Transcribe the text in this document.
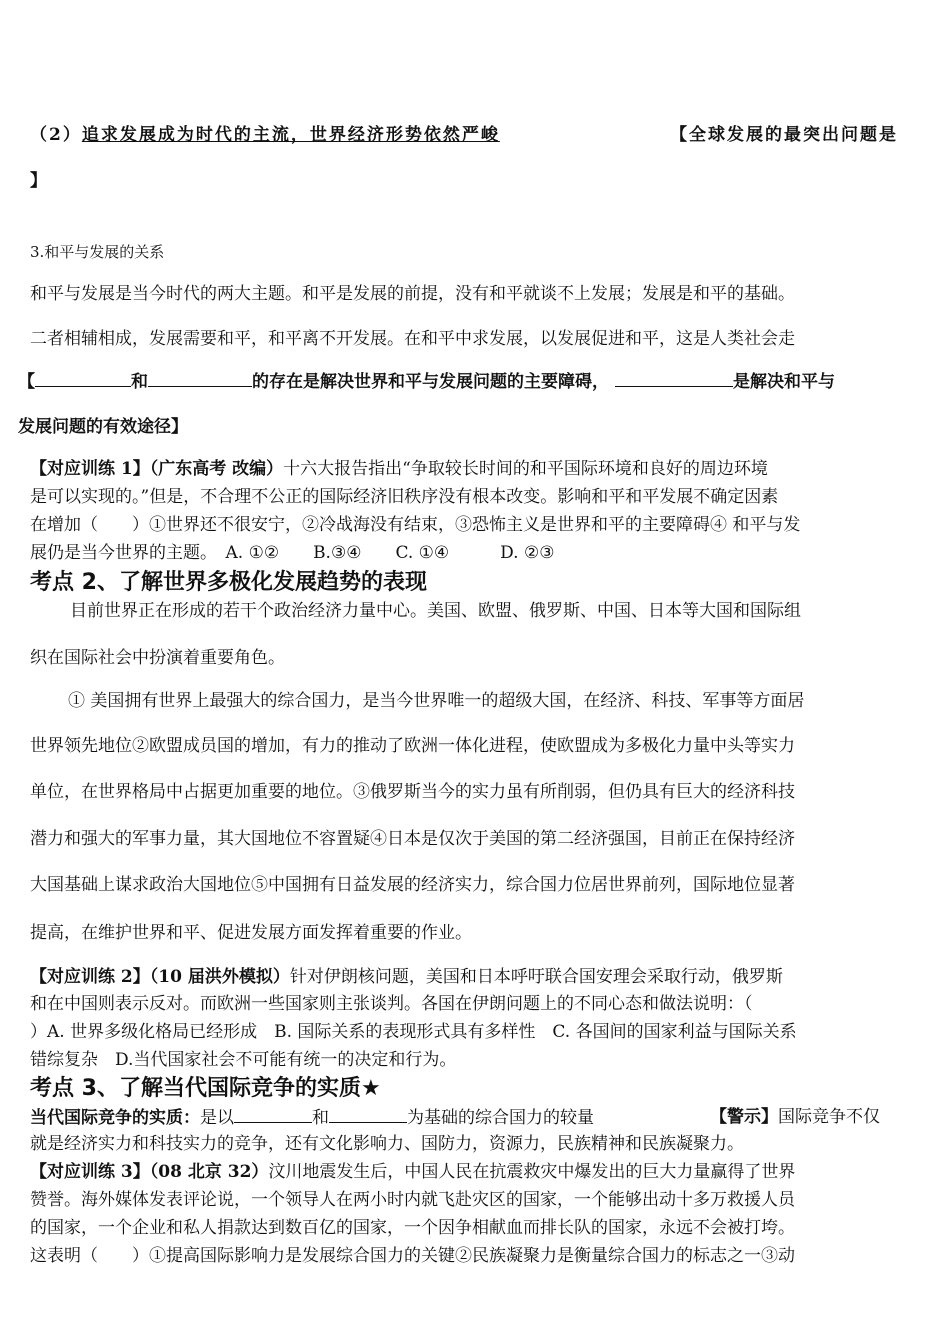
（2）追求发展成为时代的主流，世界经济形势依然严峻	【全球发展的最突出问题是
】
3.和平与发展的关系
和平与发展是当今时代的两大主题。和平是发展的前提，没有和平就谈不上发展；发展是和平的基础。
二者相辅相成，发展需要和平，和平离不开发展。在和平中求发展，以发展促进和平，这是人类社会走
【	和	的存在是解决世界和平与发展问题的主要障碍，	是解决和平与
发展问题的有效途径】
【对应训练 1】（广东高考 改编）十六大报告指出“争取较长时间的和平国际环境和良好的周边环境
是可以实现的。”但是，不合理不公正的国际经济旧秩序没有根本改变。影响和平和平发展不确定因素
在增加（　　）①世界还不很安宁，②冷战海没有结束，③恐怖主义是世界和平的主要障碍④ 和平与发
展仍是当今世界的主题。　A. ①②　　B.③④　　C. ①④　　　D. ②③
考点 2、了解世界多极化发展趋势的表现
目前世界正在形成的若干个政治经济力量中心。美国、欧盟、俄罗斯、中国、日本等大国和国际组
织在国际社会中扮演着重要角色。
① 美国拥有世界上最强大的综合国力，是当今世界唯一的超级大国，在经济、科技、军事等方面居
世界领先地位②欧盟成员国的增加，有力的推动了欧洲一体化进程，使欧盟成为多极化力量中头等实力
单位，在世界格局中占据更加重要的地位。③俄罗斯当今的实力虽有所削弱，但仍具有巨大的经济科技
潜力和强大的军事力量，其大国地位不容置疑④日本是仅次于美国的第二经济强国，目前正在保持经济
大国基础上谋求政治大国地位⑤中国拥有日益发展的经济实力，综合国力位居世界前列，国际地位显著
提高，在维护世界和平、促进发展方面发挥着重要的作业。
【对应训练 2】（10 届洪外模拟）针对伊朗核问题，美国和日本呼吁联合国安理会采取行动，俄罗斯
和在中国则表示反对。而欧洲一些国家则主张谈判。各国在伊朗问题上的不同心态和做法说明：（
）A. 世界多级化格局已经形成　B. 国际关系的表现形式具有多样性　C. 各国间的国家利益与国际关系
错综复杂　D.当代国家社会不可能有统一的决定和行为。
考点 3、了解当代国际竞争的实质★
当代国际竞争的实质：是以	和	为基础的综合国力的较量	【警示】国际竞争不仅
就是经济实力和科技实力的竞争，还有文化影响力、国防力，资源力，民族精神和民族凝聚力。
【对应训练 3】（08 北京 32）汶川地震发生后，中国人民在抗震救灾中爆发出的巨大力量赢得了世界
赞誉。海外媒体发表评论说，一个领导人在两小时内就飞赴灾区的国家，一个能够出动十多万救援人员
的国家，一个企业和私人捐款达到数百亿的国家，一个因争相献血而排长队的国家，永远不会被打垮。
这表明（　　）①提高国际影响力是发展综合国力的关键②民族凝聚力是衡量综合国力的标志之一③动
